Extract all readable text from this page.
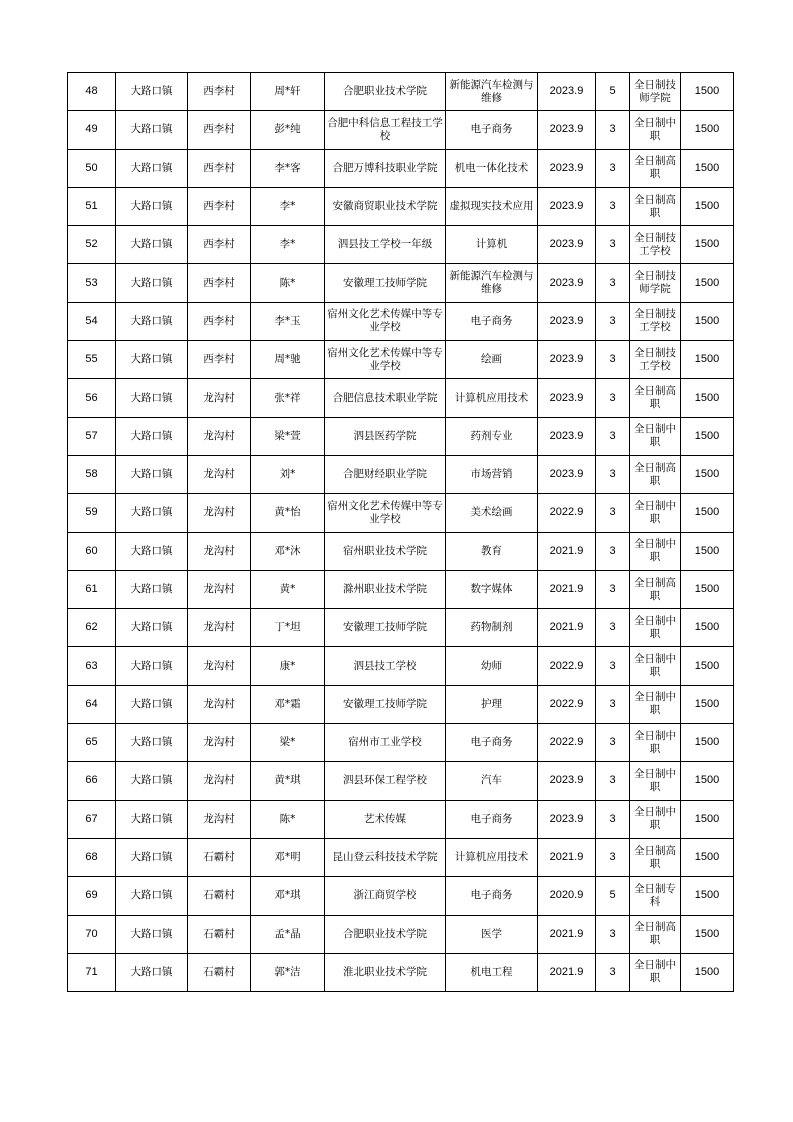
48	大路口镇	西李村	周*轩	合肥职业技术学院	新能源汽车检测与维修	2023.9	5	全日制技师学院	1500
49	大路口镇	西李村	彭*纯	合肥中科信息工程技工学校	电子商务	2023.9	3	全日制中职	1500
50	大路口镇	西李村	李*客	合肥万博科技职业学院	机电一体化技术	2023.9	3	全日制高职	1500
51	大路口镇	西李村	李*	安徽商贸职业技术学院	虚拟现实技术应用	2023.9	3	全日制高职	1500
52	大路口镇	西李村	李*	泗县技工学校一年级	计算机	2023.9	3	全日制技工学校	1500
53	大路口镇	西李村	陈*	安徽理工技师学院	新能源汽车检测与维修	2023.9	3	全日制技师学院	1500
54	大路口镇	西李村	李*玉	宿州文化艺术传媒中等专业学校	电子商务	2023.9	3	全日制技工学校	1500
55	大路口镇	西李村	周*驰	宿州文化艺术传媒中等专业学校	绘画	2023.9	3	全日制技工学校	1500
56	大路口镇	龙沟村	张*祥	合肥信息技术职业学院	计算机应用技术	2023.9	3	全日制高职	1500
57	大路口镇	龙沟村	梁*萱	泗县医药学院	药剂专业	2023.9	3	全日制中职	1500
58	大路口镇	龙沟村	刘*	合肥财经职业学院	市场营销	2023.9	3	全日制高职	1500
59	大路口镇	龙沟村	黄*怡	宿州文化艺术传媒中等专业学校	美术绘画	2022.9	3	全日制中职	1500
60	大路口镇	龙沟村	邓*沐	宿州职业技术学院	教育	2021.9	3	全日制中职	1500
61	大路口镇	龙沟村	黄*	滁州职业技术学院	数字媒体	2021.9	3	全日制高职	1500
62	大路口镇	龙沟村	丁*坦	安徽理工技师学院	药物制剂	2021.9	3	全日制中职	1500
63	大路口镇	龙沟村	康*	泗县技工学校	幼师	2022.9	3	全日制中职	1500
64	大路口镇	龙沟村	邓*霜	安徽理工技师学院	护理	2022.9	3	全日制中职	1500
65	大路口镇	龙沟村	梁*	宿州市工业学校	电子商务	2022.9	3	全日制中职	1500
66	大路口镇	龙沟村	黄*琪	泗县环保工程学校	汽车	2023.9	3	全日制中职	1500
67	大路口镇	龙沟村	陈*	艺术传媒	电子商务	2023.9	3	全日制中职	1500
68	大路口镇	石霸村	邓*明	昆山登云科技技术学院	计算机应用技术	2021.9	3	全日制高职	1500
69	大路口镇	石霸村	邓*琪	浙江商贸学校	电子商务	2020.9	5	全日制专科	1500
70	大路口镇	石霸村	孟*晶	合肥职业技术学院	医学	2021.9	3	全日制高职	1500
71	大路口镇	石霸村	郭*洁	淮北职业技术学院	机电工程	2021.9	3	全日制中职	1500
